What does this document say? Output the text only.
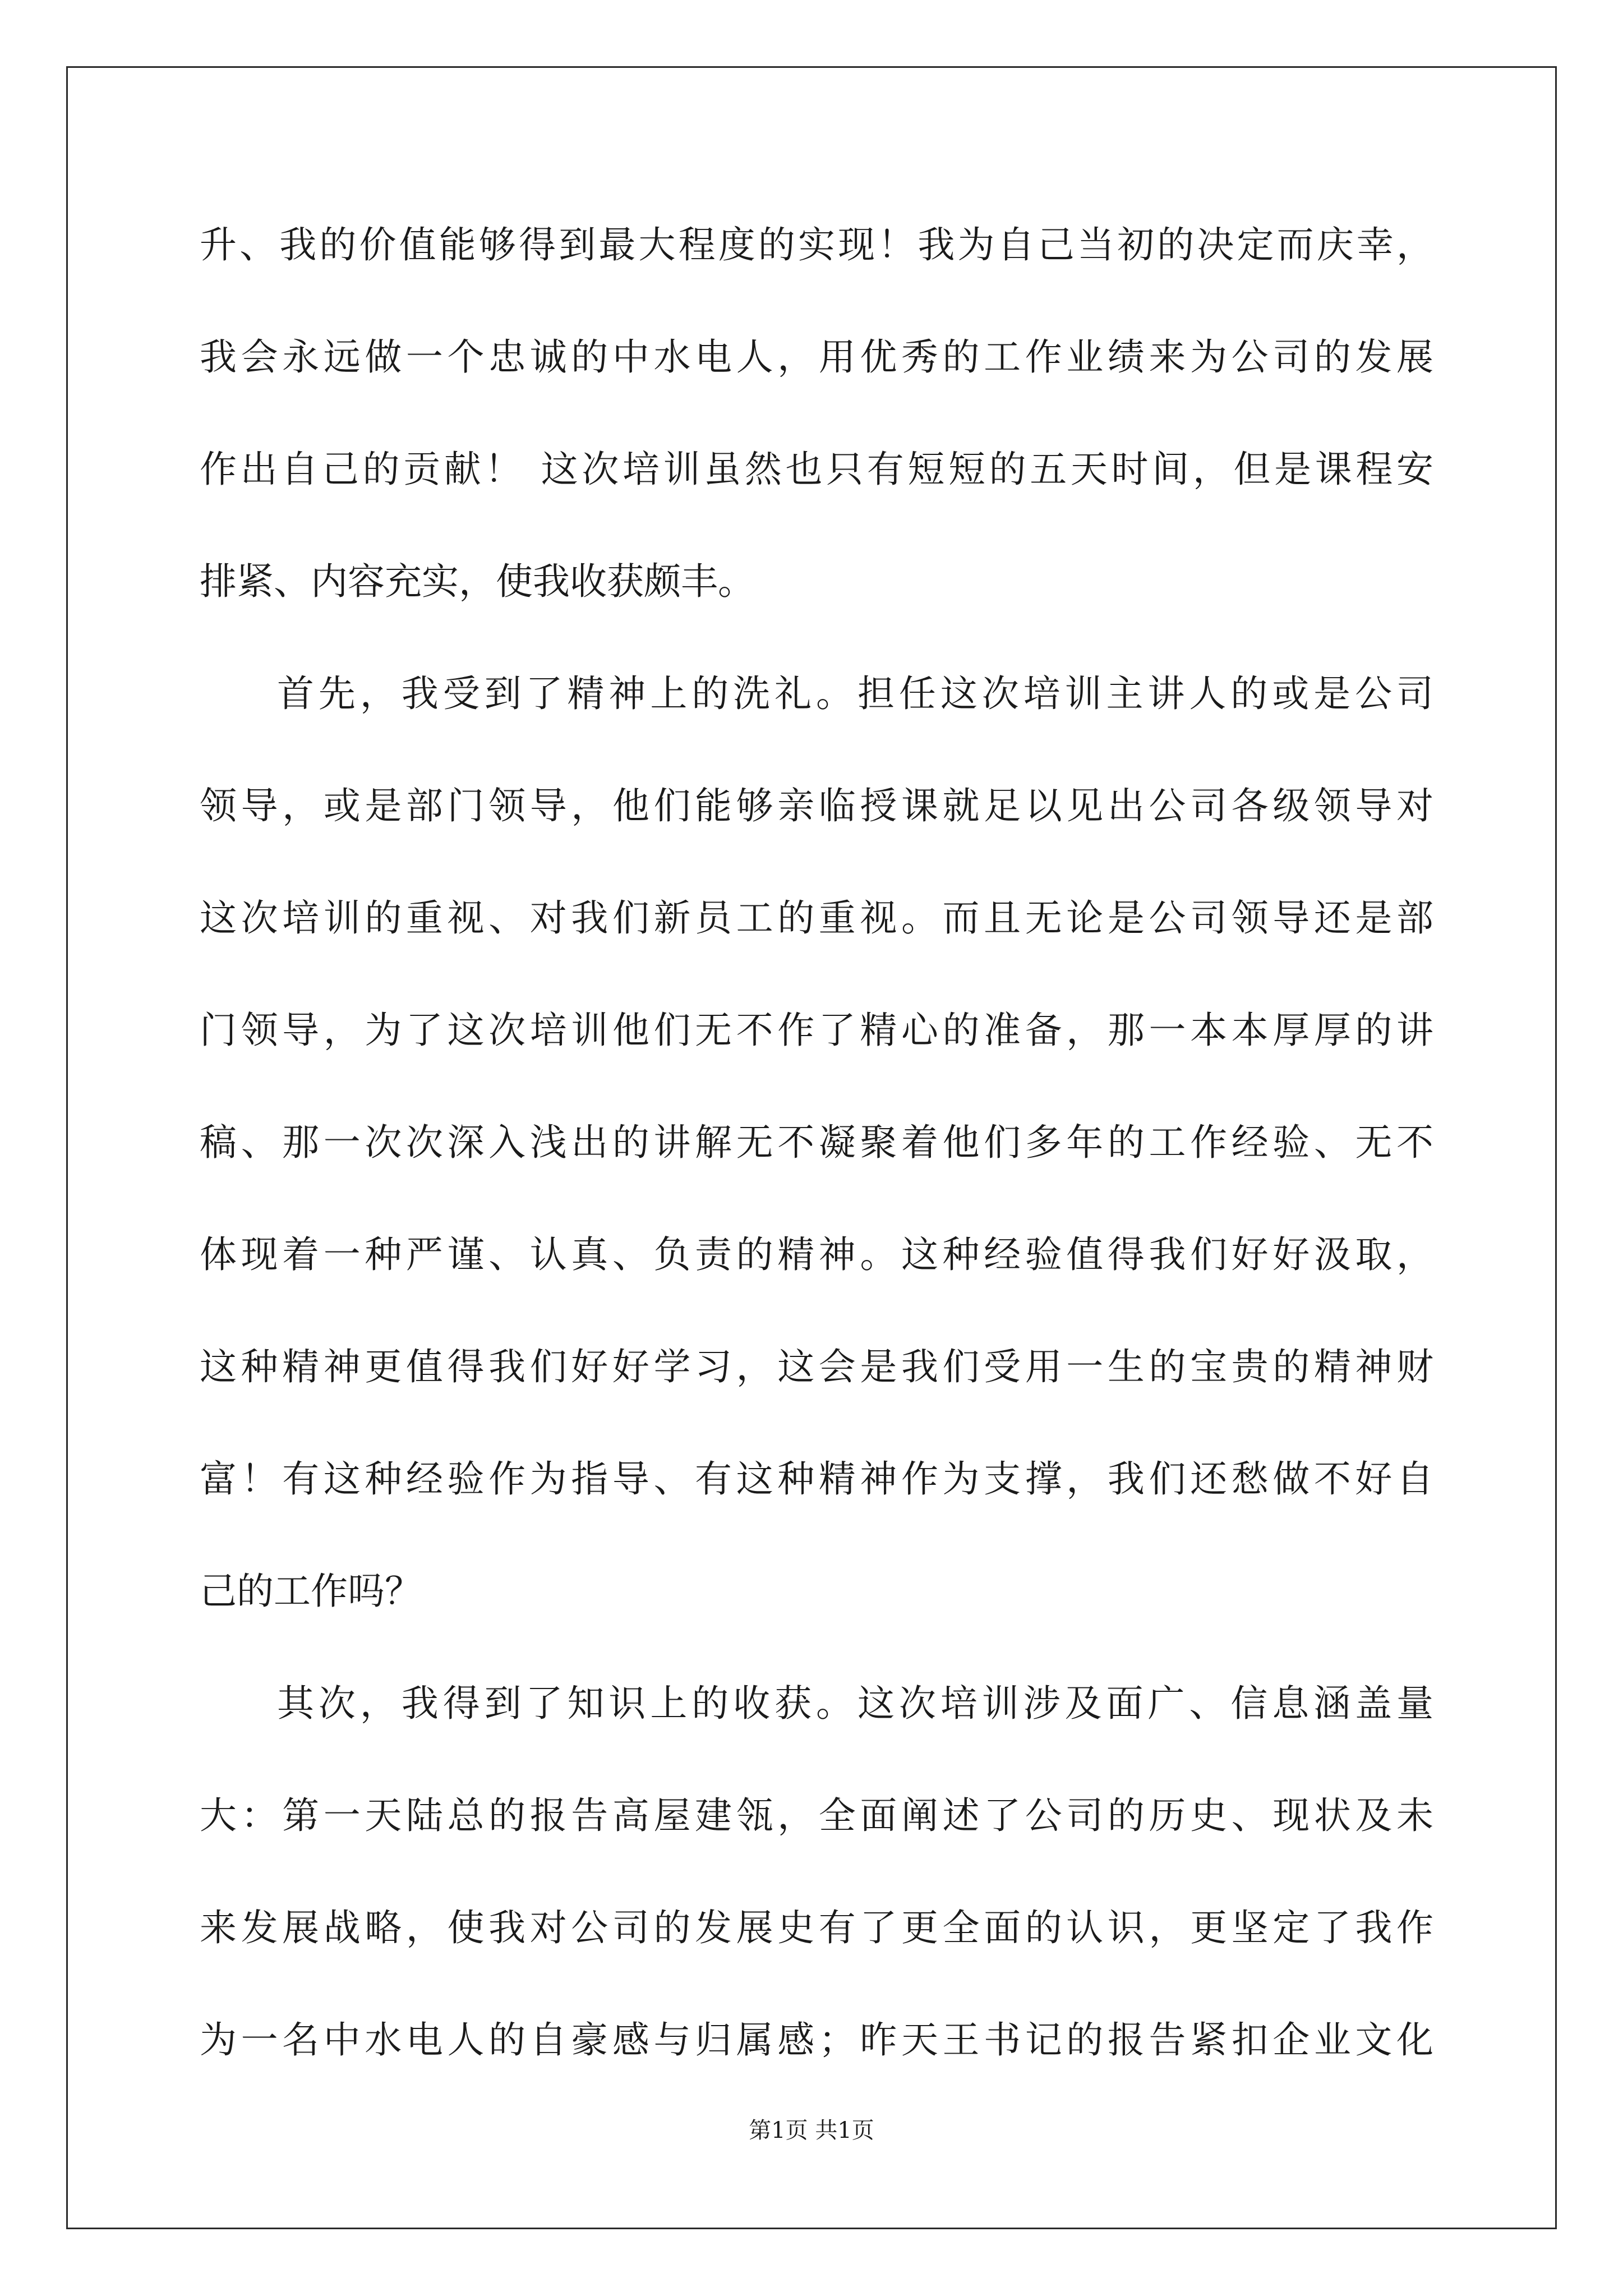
升、我的价值能够得到最大程度的实现！我为自己当初的决定而庆幸，
我会永远做一个忠诚的中水电人，用优秀的工作业绩来为公司的发展
作出自己的贡献！ 这次培训虽然也只有短短的五天时间，但是课程安
排紧、内容充实，使我收获颇丰。
首先，我受到了精神上的洗礼。担任这次培训主讲人的或是公司
领导，或是部门领导，他们能够亲临授课就足以见出公司各级领导对
这次培训的重视、对我们新员工的重视。而且无论是公司领导还是部
门领导，为了这次培训他们无不作了精心的准备，那一本本厚厚的讲
稿、那一次次深入浅出的讲解无不凝聚着他们多年的工作经验、无不
体现着一种严谨、认真、负责的精神。这种经验值得我们好好汲取，
这种精神更值得我们好好学习，这会是我们受用一生的宝贵的精神财
富！有这种经验作为指导、有这种精神作为支撑，我们还愁做不好自
己的工作吗？
其次，我得到了知识上的收获。这次培训涉及面广、信息涵盖量
大：第一天陆总的报告高屋建瓴，全面阐述了公司的历史、现状及未
来发展战略，使我对公司的发展史有了更全面的认识，更坚定了我作
为一名中水电人的自豪感与归属感；昨天王书记的报告紧扣企业文化
第1页 共1页
